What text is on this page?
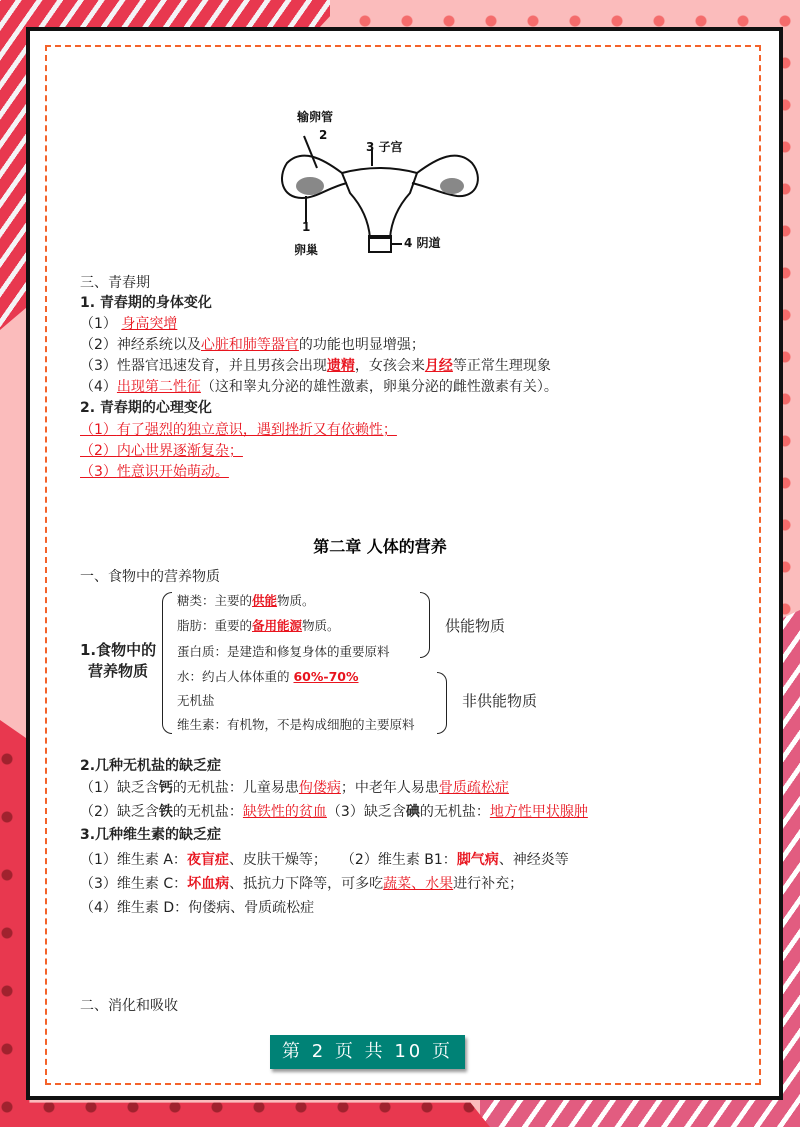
输卵管
2
3 子宫
1
卵巢	4 阴道
三、青春期
1. 青春期的身体变化
（1） 身高突增
（2）神经系统以及心脏和肺等器官的功能也明显增强；
（3）性器官迅速发育，并且男孩会出现遗精，女孩会来月经等正常生理现象
（4）出现第二性征（这和睾丸分泌的雄性激素，卵巢分泌的雌性激素有关）。
2. 青春期的心理变化
（1）有了强烈的独立意识，遇到挫折又有依赖性；
（2）内心世界逐渐复杂；
（3）性意识开始萌动。
第二章 人体的营养
一、食物中的营养物质
1.食物中的
营养物质
糖类：主要的供能物质。
脂肪：重要的备用能源物质。
蛋白质：是建造和修复身体的重要原料
水：约占人体体重的 60%-70%
无机盐
维生素：有机物，不是构成细胞的主要原料
供能物质
非供能物质
2.几种无机盐的缺乏症
（1）缺乏含钙的无机盐：儿童易患佝偻病；中老年人易患骨质疏松症
（2）缺乏含铁的无机盐：缺铁性的贫血（3）缺乏含碘的无机盐：地方性甲状腺肿
3.几种维生素的缺乏症
（1）维生素 A：夜盲症、皮肤干燥等；　　（2）维生素 B1：脚气病、神经炎等
（3）维生素 C：坏血病、抵抗力下降等，可多吃蔬菜、水果进行补充；
（4）维生素 D：佝偻病、骨质疏松症
二、消化和吸收
第 2 页 共 10 页
